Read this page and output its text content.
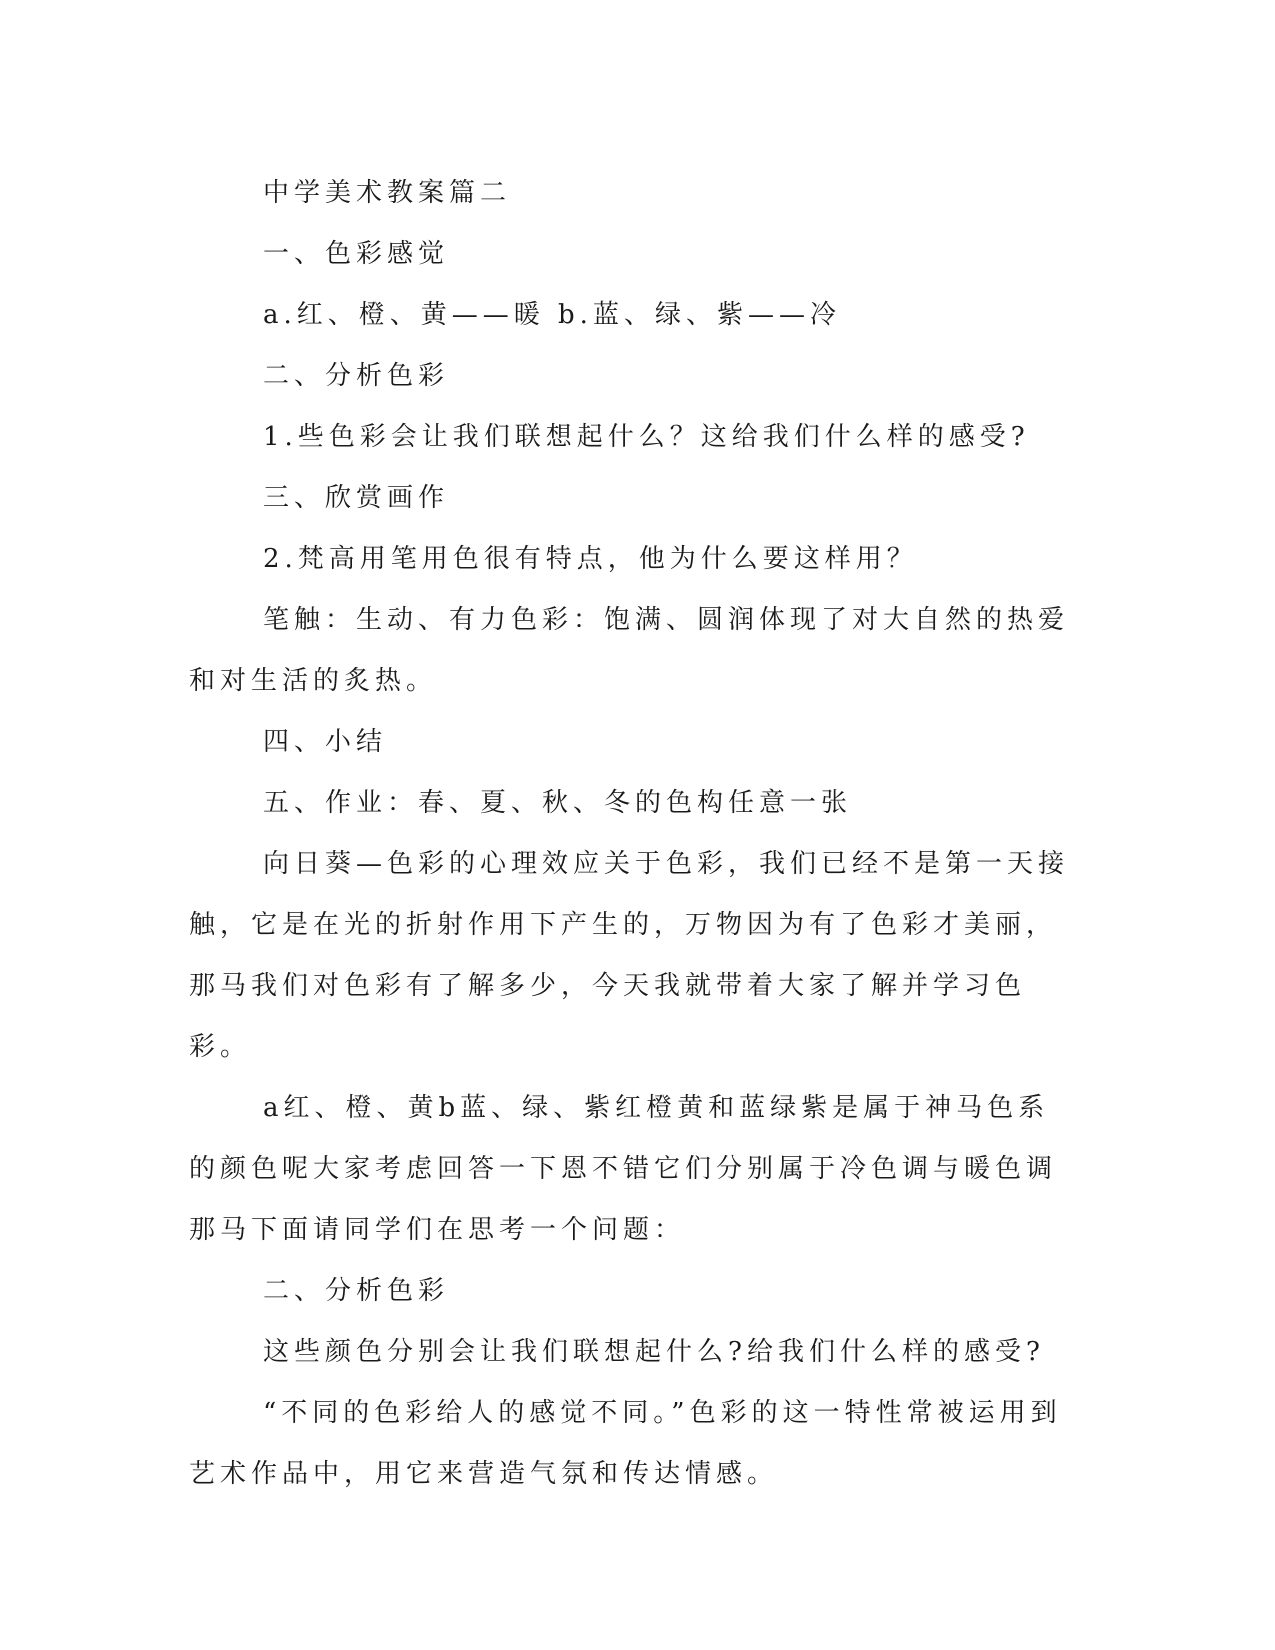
中学美术教案篇二

一、色彩感觉

a.红、橙、黄——暖 b.蓝、绿、紫——冷

二、分析色彩

1.些色彩会让我们联想起什么？这给我们什么样的感受?

三、欣赏画作

2.梵高用笔用色很有特点，他为什么要这样用？

笔触：生动、有力色彩：饱满、圆润体现了对大自然的热爱和对生活的炙热。

四、小结

五、作业：春、夏、秋、冬的色构任意一张

向日葵—色彩的心理效应关于色彩，我们已经不是第一天接触，它是在光的折射作用下产生的，万物因为有了色彩才美丽，那马我们对色彩有了解多少，今天我就带着大家了解并学习色彩。

a红、橙、黄b蓝、绿、紫红橙黄和蓝绿紫是属于神马色系的颜色呢大家考虑回答一下恩不错它们分别属于冷色调与暖色调那马下面请同学们在思考一个问题：

二、分析色彩

这些颜色分别会让我们联想起什么?给我们什么样的感受?

“不同的色彩给人的感觉不同。”色彩的这一特性常被运用到艺术作品中，用它来营造气氛和传达情感。
